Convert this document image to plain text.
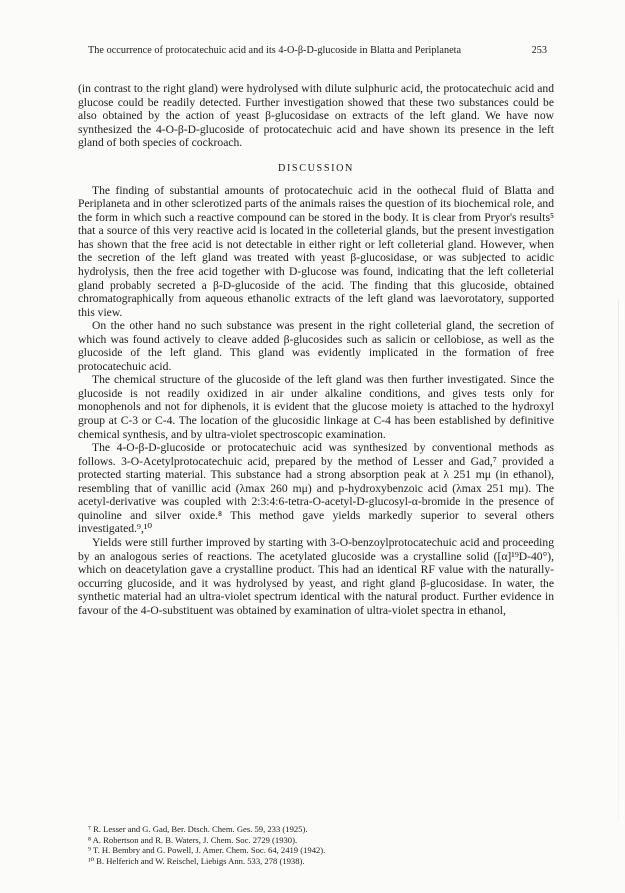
The occurrence of protocatechuic acid and its 4-O-β-D-glucoside in Blatta and Periplaneta	253

(in contrast to the right gland) were hydrolysed with dilute sulphuric acid, the protocatechuic acid and glucose could be readily detected. Further investigation showed that these two substances could be also obtained by the action of yeast β-glucosidase on extracts of the left gland. We have now synthesized the 4-O-β-D-glucoside of protocatechuic acid and have shown its presence in the left gland of both species of cockroach.

DISCUSSION

The finding of substantial amounts of protocatechuic acid in the oothecal fluid of Blatta and Periplaneta and in other sclerotized parts of the animals raises the question of its biochemical role, and the form in which such a reactive compound can be stored in the body. It is clear from Pryor's results⁵ that a source of this very reactive acid is located in the colleterial glands, but the present investigation has shown that the free acid is not detectable in either right or left colleterial gland. However, when the secretion of the left gland was treated with yeast β-glucosidase, or was subjected to acidic hydrolysis, then the free acid together with D-glucose was found, indicating that the left colleterial gland probably secreted a β-D-glucoside of the acid. The finding that this glucoside, obtained chromatographically from aqueous ethanolic extracts of the left gland was laevorotatory, supported this view.

On the other hand no such substance was present in the right colleterial gland, the secretion of which was found actively to cleave added β-glucosides such as salicin or cellobiose, as well as the glucoside of the left gland. This gland was evidently implicated in the formation of free protocatechuic acid.

The chemical structure of the glucoside of the left gland was then further investigated. Since the glucoside is not readily oxidized in air under alkaline conditions, and gives tests only for monophenols and not for diphenols, it is evident that the glucose moiety is attached to the hydroxyl group at C-3 or C-4. The location of the glucosidic linkage at C-4 has been established by definitive chemical synthesis, and by ultra-violet spectroscopic examination.

The 4-O-β-D-glucoside or protocatechuic acid was synthesized by conventional methods as follows. 3-O-Acetylprotocatechuic acid, prepared by the method of Lesser and Gad,⁷ provided a protected starting material. This substance had a strong absorption peak at λ 251 mμ (in ethanol), resembling that of vanillic acid (λmax 260 mμ) and p-hydroxybenzoic acid (λmax 251 mμ). The acetyl-derivative was coupled with 2:3:4:6-tetra-O-acetyl-D-glucosyl-α-bromide in the presence of quinoline and silver oxide.⁸ This method gave yields markedly superior to several others investigated.⁹,¹⁰

Yields were still further improved by starting with 3-O-benzoylprotocatechuic acid and proceeding by an analogous series of reactions. The acetylated glucoside was a crystalline solid ([α]¹⁹D-40°), which on deacetylation gave a crystalline product. This had an identical RF value with the naturally-occurring glucoside, and it was hydrolysed by yeast, and right gland β-glucosidase. In water, the synthetic material had an ultra-violet spectrum identical with the natural product. Further evidence in favour of the 4-O-substituent was obtained by examination of ultra-violet spectra in ethanol,

⁷ R. Lesser and G. Gad, Ber. Dtsch. Chem. Ges. 59, 233 (1925).
⁸ A. Robertson and R. B. Waters, J. Chem. Soc. 2729 (1930).
⁹ T. H. Bembry and G. Powell, J. Amer. Chem. Soc. 64, 2419 (1942).
¹⁰ B. Helferich and W. Reischel, Liebigs Ann. 533, 278 (1938).
